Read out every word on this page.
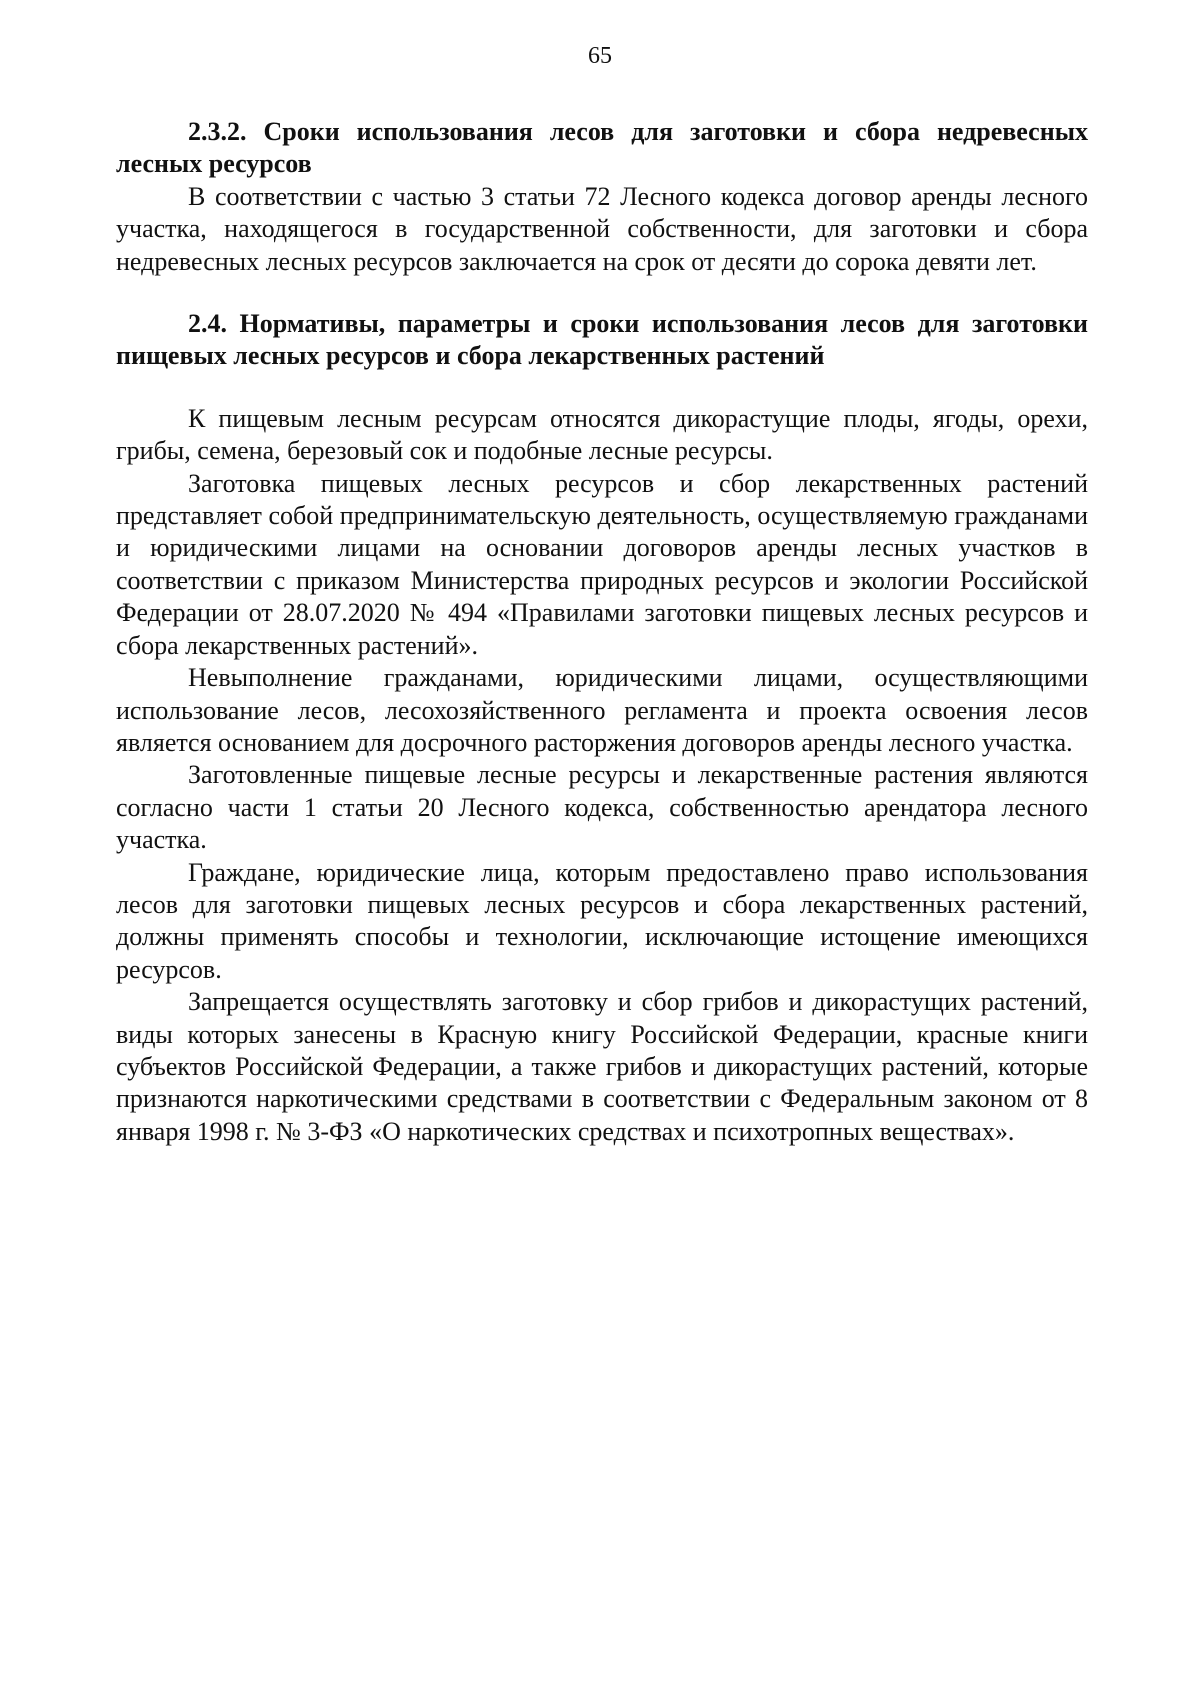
65

2.3.2. Сроки использования лесов для заготовки и сбора недревесных лесных ресурсов

В соответствии с частью 3 статьи 72 Лесного кодекса договор аренды лесного участка, находящегося в государственной собственности, для заготовки и сбора недревесных лесных ресурсов заключается на срок от десяти до сорока девяти лет.

2.4. Нормативы, параметры и сроки использования лесов для заготовки пищевых лесных ресурсов и сбора лекарственных растений

К пищевым лесным ресурсам относятся дикорастущие плоды, ягоды, орехи, грибы, семена, березовый сок и подобные лесные ресурсы.

Заготовка пищевых лесных ресурсов и сбор лекарственных растений представляет собой предпринимательскую деятельность, осуществляемую гражданами и юридическими лицами на основании договоров аренды лесных участков в соответствии с приказом Министерства природных ресурсов и экологии Российской Федерации от 28.07.2020 № 494 «Правилами заготовки пищевых лесных ресурсов и сбора лекарственных растений».

Невыполнение гражданами, юридическими лицами, осуществляющими использование лесов, лесохозяйственного регламента и проекта освоения лесов является основанием для досрочного расторжения договоров аренды лесного участка.

Заготовленные пищевые лесные ресурсы и лекарственные растения являются согласно части 1 статьи 20 Лесного кодекса, собственностью арендатора лесного участка.

Граждане, юридические лица, которым предоставлено право использования лесов для заготовки пищевых лесных ресурсов и сбора лекарственных растений, должны применять способы и технологии, исключающие истощение имеющихся ресурсов.

Запрещается осуществлять заготовку и сбор грибов и дикорастущих растений, виды которых занесены в Красную книгу Российской Федерации, красные книги субъектов Российской Федерации, а также грибов и дикорастущих растений, которые признаются наркотическими средствами в соответствии с Федеральным законом от 8 января 1998 г. № 3-ФЗ «О наркотических средствах и психотропных веществах».
